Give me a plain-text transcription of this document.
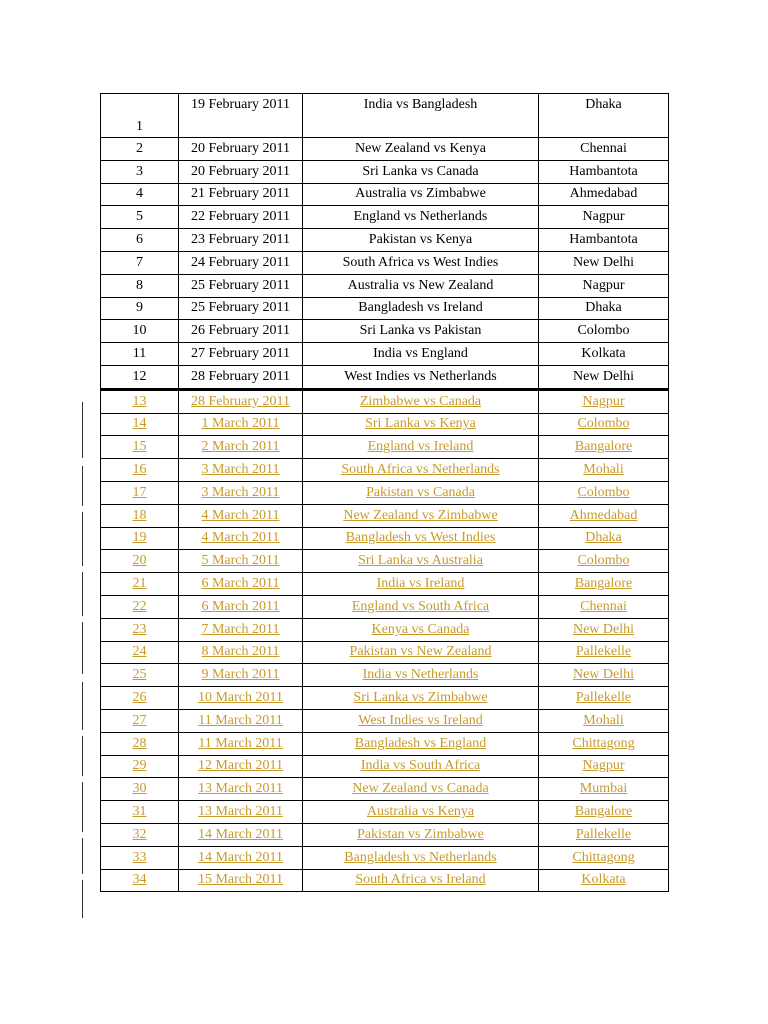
1	19 February 2011	India vs Bangladesh	Dhaka
2	20 February 2011	New Zealand vs Kenya	Chennai
3	20 February 2011	Sri Lanka vs Canada	Hambantota
4	21 February 2011	Australia vs Zimbabwe	Ahmedabad
5	22 February 2011	England vs Netherlands	Nagpur
6	23 February 2011	Pakistan vs Kenya	Hambantota
7	24 February 2011	South Africa vs West Indies	New Delhi
8	25 February 2011	Australia vs New Zealand	Nagpur
9	25 February 2011	Bangladesh vs Ireland	Dhaka
10	26 February 2011	Sri Lanka vs Pakistan	Colombo
11	27 February 2011	India vs England	Kolkata
12	28 February 2011	West Indies vs Netherlands	New Delhi
13	28 February 2011	Zimbabwe vs Canada	Nagpur
14	1 March 2011	Sri Lanka vs Kenya	Colombo
15	2 March 2011	England vs Ireland	Bangalore
16	3 March 2011	South Africa vs Netherlands	Mohali
17	3 March 2011	Pakistan vs Canada	Colombo
18	4 March 2011	New Zealand vs Zimbabwe	Ahmedabad
19	4 March 2011	Bangladesh vs West Indies	Dhaka
20	5 March 2011	Sri Lanka vs Australia	Colombo
21	6 March 2011	India vs Ireland	Bangalore
22	6 March 2011	England vs South Africa	Chennai
23	7 March 2011	Kenya vs Canada	New Delhi
24	8 March 2011	Pakistan vs New Zealand	Pallekelle
25	9 March 2011	India vs Netherlands	New Delhi
26	10 March 2011	Sri Lanka vs Zimbabwe	Pallekelle
27	11 March 2011	West Indies vs Ireland	Mohali
28	11 March 2011	Bangladesh vs England	Chittagong
29	12 March 2011	India vs South Africa	Nagpur
30	13 March 2011	New Zealand vs Canada	Mumbai
31	13 March 2011	Australia vs Kenya	Bangalore
32	14 March 2011	Pakistan vs Zimbabwe	Pallekelle
33	14 March 2011	Bangladesh vs Netherlands	Chittagong
34	15 March 2011	South Africa vs Ireland	Kolkata
